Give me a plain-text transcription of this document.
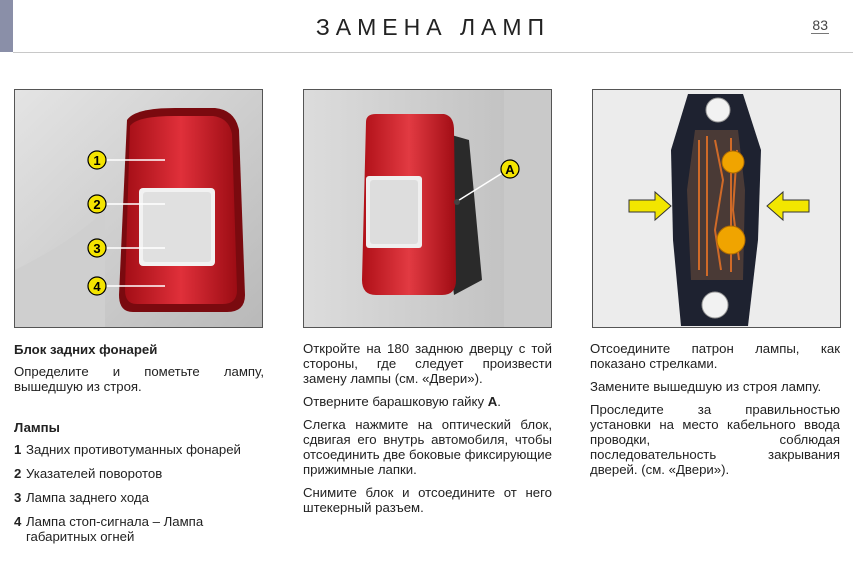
ЗАМЕНА ЛАМП	83
1
2
3
4
A
Блок задних фонарей

Определите и пометьте лампу, вышедшую из строя.

Лампы
1 Задних противотуманных фонарей
2 Указателей поворотов
3 Лампа заднего хода
4 Лампа стоп-сигнала – Лампа габаритных огней

Откройте на 180 заднюю дверцу с той стороны, где следует произвести замену лампы (см. «Двери»).

Отверните барашковую гайку A.

Слегка нажмите на оптический блок, сдвигая его внутрь автомобиля, чтобы отсоединить две боковые фиксирующие прижимные лапки.

Снимите блок и отсоедините от него штекерный разъем.

Отсоедините патрон лампы, как показано стрелками.

Замените вышедшую из строя лампу.

Проследите за правильностью установки на место кабельного ввода проводки, соблюдая последовательность закрывания дверей. (см. «Двери»).
